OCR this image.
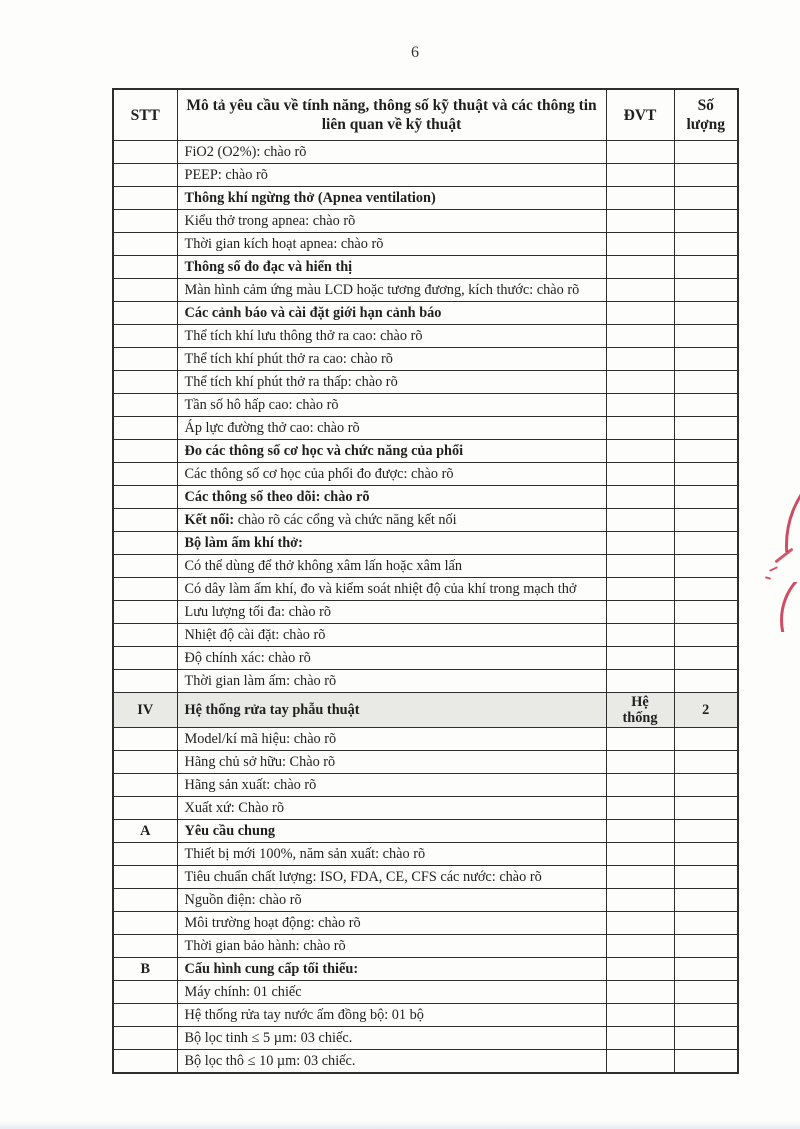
6
STT	Mô tả yêu cầu về tính năng, thông số kỹ thuật và các thông tin liên quan về kỹ thuật	ĐVT	Số lượng
	FiO2 (O2%): chào rõ		
	PEEP: chào rõ		
	Thông khí ngừng thở (Apnea ventilation)		
	Kiểu thở trong apnea: chào rõ		
	Thời gian kích hoạt apnea: chào rõ		
	Thông số đo đạc và hiển thị		
	Màn hình cảm ứng màu LCD hoặc tương đương, kích thước: chào rõ		
	Các cảnh báo và cài đặt giới hạn cảnh báo		
	Thể tích khí lưu thông thở ra cao: chào rõ		
	Thể tích khí phút thở ra cao: chào rõ		
	Thể tích khí phút thở ra thấp: chào rõ		
	Tần số hô hấp cao: chào rõ		
	Áp lực đường thở cao: chào rõ		
	Đo các thông số cơ học và chức năng của phổi		
	Các thông số cơ học của phổi đo được: chào rõ		
	Các thông số theo dõi: chào rõ		
	Kết nối: chào rõ các cổng và chức năng kết nối		
	Bộ làm ấm khí thở:		
	Có thể dùng để thở không xâm lấn hoặc xâm lấn		
	Có dây làm ấm khí, đo và kiểm soát nhiệt độ của khí trong mạch thở		
	Lưu lượng tối đa: chào rõ		
	Nhiệt độ cài đặt: chào rõ		
	Độ chính xác: chào rõ		
	Thời gian làm ấm: chào rõ		
IV	Hệ thống rửa tay phẫu thuật	Hệ thống	2
	Model/kí mã hiệu: chào rõ		
	Hãng chủ sở hữu: Chào rõ		
	Hãng sản xuất: chào rõ		
	Xuất xứ: Chào rõ		
A	Yêu cầu chung		
	Thiết bị mới 100%, năm sản xuất: chào rõ		
	Tiêu chuẩn chất lượng: ISO, FDA, CE, CFS các nước: chào rõ		
	Nguồn điện: chào rõ		
	Môi trường hoạt động: chào rõ		
	Thời gian bảo hành: chào rõ		
B	Cấu hình cung cấp tối thiểu:		
	Máy chính: 01 chiếc		
	Hệ thống rửa tay nước ấm đồng bộ: 01 bộ		
	Bộ lọc tinh ≤ 5 µm: 03 chiếc.		
	Bộ lọc thô ≤ 10 µm: 03 chiếc.		
